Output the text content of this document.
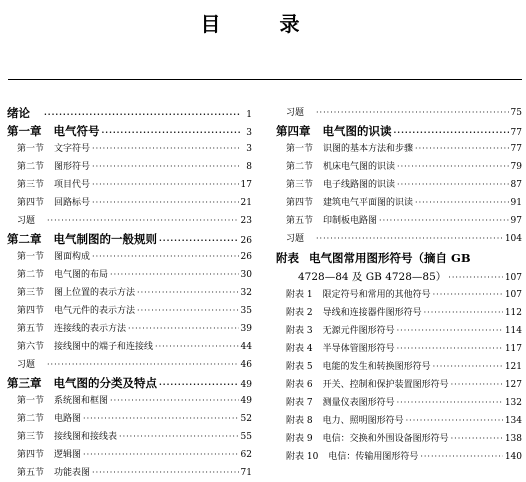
目 录
绪论 ·····	1
第一章 电气符号 ·····	3
第一节 文字符号 ·····	3
第二节 图形符号 ·····	8
第三节 项目代号 ·····	17
第四节 回路标号 ·····	21
习题 ·····	23
第二章 电气制图的一般规则 ·····	26
第一节 图面构成 ·····	26
第二节 电气图的布局 ·····	30
第三节 图上位置的表示方法 ·····	32
第四节 电气元件的表示方法 ·····	35
第五节 连接线的表示方法 ·····	39
第六节 接线图中的端子和连接线 ·····	44
习题 ·····	46
第三章 电气图的分类及特点 ·····	49
第一节 系统图和框图 ·····	49
第二节 电路图 ·····	52
第三节 接线图和接线表 ·····	55
第四节 逻辑图 ·····	62
第五节 功能表图 ·····	71
习题 ·····	75
第四章 电气图的识读 ·····	77
第一节 识图的基本方法和步骤 ·····	77
第二节 机床电气图的识读 ·····	79
第三节 电子线路图的识读 ·····	87
第四节 建筑电气平面图的识读 ·····	91
第五节 印制板电路图 ·····	97
习题 ·····	104
附表 电气图常用图形符号（摘自 GB
4728—84 及 GB 4728—85） ·····	107
附表 1 限定符号和常用的其他符号 ·····	107
附表 2 导线和连接器件图形符号 ·····	112
附表 3 无源元件图形符号 ·····	114
附表 4 半导体管图形符号 ·····	117
附表 5 电能的发生和转换图形符号 ·····	121
附表 6 开关、控制和保护装置图形符号 ·····	127
附表 7 测量仪表图形符号 ·····	132
附表 8 电力、照明图形符号 ·····	134
附表 9 电信：交换和外围设备图形符号 ·····	138
附表 10 电信：传输用图形符号 ·····	140
